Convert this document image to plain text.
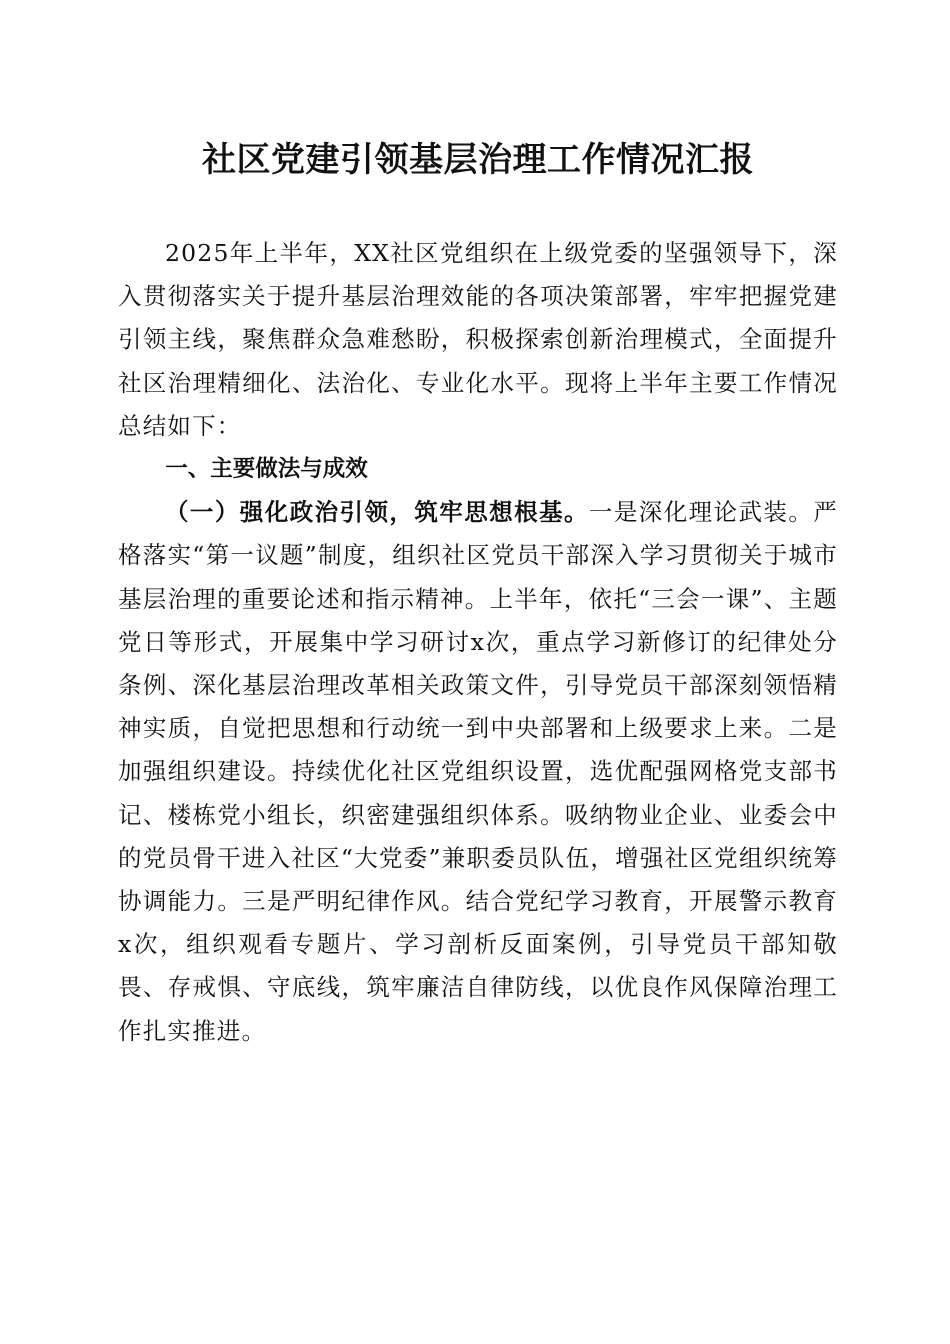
社区党建引领基层治理工作情况汇报

2025年上半年，XX社区党组织在上级党委的坚强领导下，深入贯彻落实关于提升基层治理效能的各项决策部署，牢牢把握党建引领主线，聚焦群众急难愁盼，积极探索创新治理模式，全面提升社区治理精细化、法治化、专业化水平。现将上半年主要工作情况总结如下：

一、主要做法与成效

（一）强化政治引领，筑牢思想根基。一是深化理论武装。严格落实“第一议题”制度，组织社区党员干部深入学习贯彻关于城市基层治理的重要论述和指示精神。上半年，依托“三会一课”、主题党日等形式，开展集中学习研讨x次，重点学习新修订的纪律处分条例、深化基层治理改革相关政策文件，引导党员干部深刻领悟精神实质，自觉把思想和行动统一到中央部署和上级要求上来。二是加强组织建设。持续优化社区党组织设置，选优配强网格党支部书记、楼栋党小组长，织密建强组织体系。吸纳物业企业、业委会中的党员骨干进入社区“大党委”兼职委员队伍，增强社区党组织统筹协调能力。三是严明纪律作风。结合党纪学习教育，开展警示教育x次，组织观看专题片、学习剖析反面案例，引导党员干部知敬畏、存戒惧、守底线，筑牢廉洁自律防线，以优良作风保障治理工作扎实推进。
